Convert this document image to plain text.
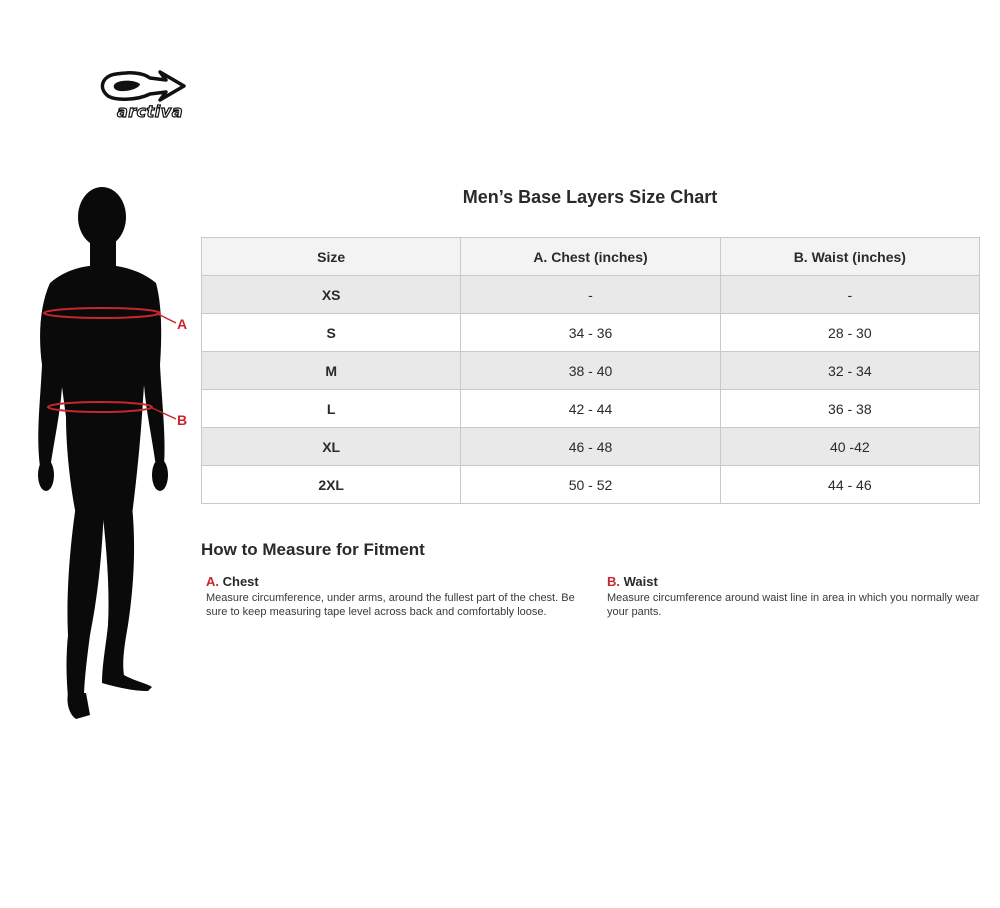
arctiva
A
B
Men’s Base Layers Size Chart
Size	A. Chest (inches)	B. Waist (inches)
XS	-	-
S	34 - 36	28 - 30
M	38 - 40	32 - 34
L	42 - 44	36 - 38
XL	46 - 48	40 -42
2XL	50 - 52	44 - 46
How to Measure for Fitment
A. Chest
Measure circumference, under arms, around the fullest part of the chest. Be sure to keep measuring tape level across back and comfortably loose.
B. Waist
Measure circumference around waist line in area in which you normally wear your pants.
